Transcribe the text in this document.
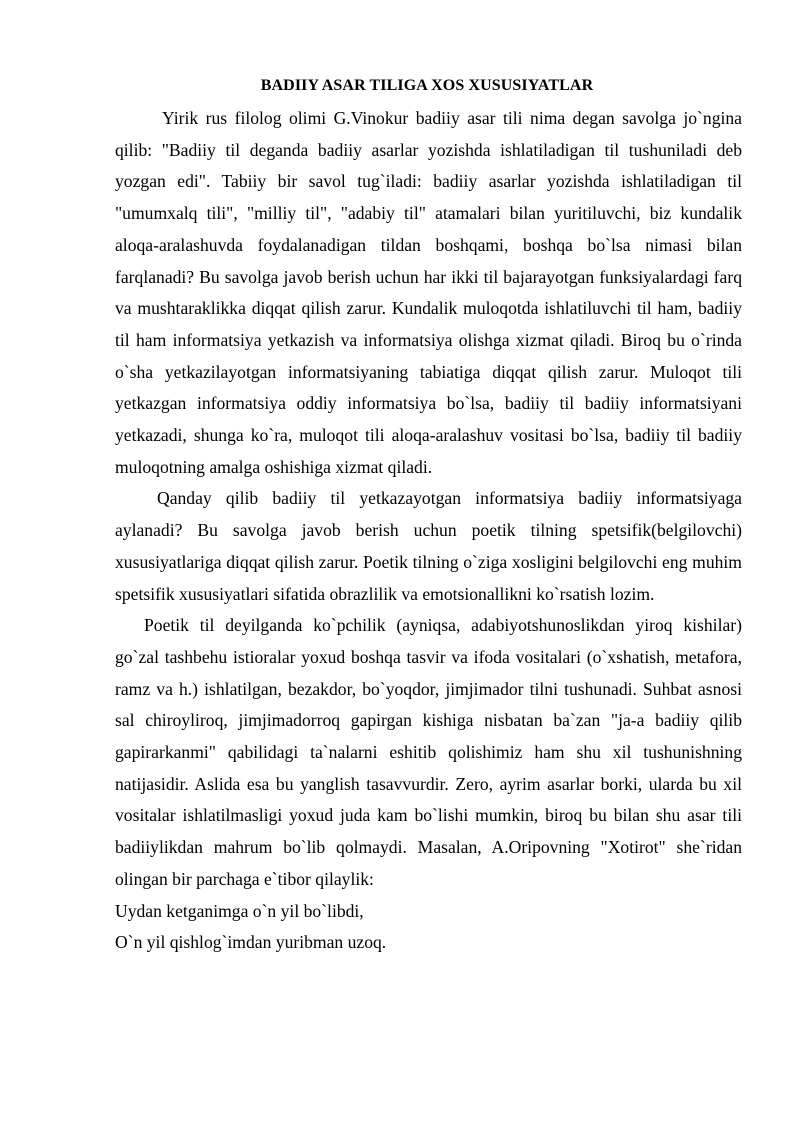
BADIIY ASAR TILIGA XOS XUSUSIYATLAR

Yirik rus filolog olimi G.Vinokur badiiy asar tili nima degan savolga jo`ngina qilib: "Badiiy til deganda badiiy asarlar yozishda ishlatiladigan til tushuniladi deb yozgan edi". Tabiiy bir savol tug`iladi: badiiy asarlar yozishda ishlatiladigan til "umumxalq tili", "milliy til", "adabiy til" atamalari bilan yuritiluvchi, biz kundalik aloqa-aralashuvda foydalanadigan tildan boshqami, boshqa bo`lsa nimasi bilan farqlanadi? Bu savolga javob berish uchun har ikki til bajarayotgan funksiyalardagi farq va mushtaraklikka diqqat qilish zarur. Kundalik muloqotda ishlatiluvchi til ham, badiiy til ham informatsiya yetkazish va informatsiya olishga xizmat qiladi. Biroq bu o`rinda o`sha yetkazilayotgan informatsiyaning tabiatiga diqqat qilish zarur. Muloqot tili yetkazgan informatsiya oddiy informatsiya bo`lsa, badiiy til badiiy informatsiyani yetkazadi, shunga ko`ra, muloqot tili aloqa-aralashuv vositasi bo`lsa, badiiy til badiiy muloqotning amalga oshishiga xizmat qiladi.

Qanday qilib badiiy til yetkazayotgan informatsiya badiiy informatsiyaga aylanadi? Bu savolga javob berish uchun poetik tilning spetsifik(belgilovchi) xususiyatlariga diqqat qilish zarur. Poetik tilning o`ziga xosligini belgilovchi eng muhim spetsifik xususiyatlari sifatida obrazlilik va emotsionallikni ko`rsatish lozim.

Poetik til deyilganda ko`pchilik (ayniqsa, adabiyotshunoslikdan yiroq kishilar) go`zal tashbehu istioralar yoxud boshqa tasvir va ifoda vositalari (o`xshatish, metafora, ramz va h.) ishlatilgan, bezakdor, bo`yoqdor, jimjimador tilni tushunadi. Suhbat asnosi sal chiroyliroq, jimjimadorroq gapirgan kishiga nisbatan ba`zan "ja-a badiiy qilib gapirarkanmi" qabilidagi ta`nalarni eshitib qolishimiz ham shu xil tushunishning natijasidir. Aslida esa bu yanglish tasavvurdir. Zero, ayrim asarlar borki, ularda bu xil vositalar ishlatilmasligi yoxud juda kam bo`lishi mumkin, biroq bu bilan shu asar tili badiiylikdan mahrum bo`lib qolmaydi. Masalan, A.Oripovning "Xotirot" she`ridan olingan bir parchaga e`tibor qilaylik:

Uydan ketganimga o`n yil bo`libdi,

O`n yil qishlog`imdan yuribman uzoq.
